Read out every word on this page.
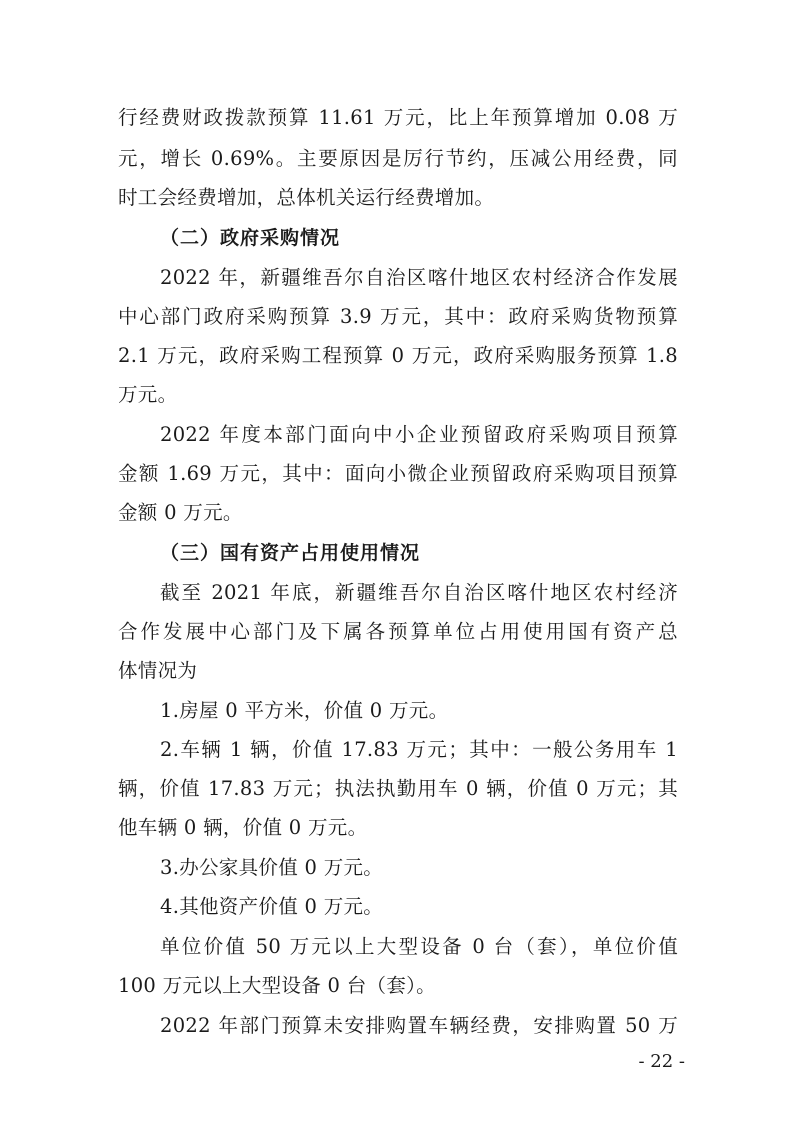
行经费财政拨款预算 11.61 万元，比上年预算增加 0.08 万
元，增长 0.69%。主要原因是厉行节约，压减公用经费，同
时工会经费增加，总体机关运行经费增加。
（二）政府采购情况
2022 年，新疆维吾尔自治区喀什地区农村经济合作发展
中心部门政府采购预算 3.9 万元，其中：政府采购货物预算
2.1 万元，政府采购工程预算 0 万元，政府采购服务预算 1.8
万元。
2022 年度本部门面向中小企业预留政府采购项目预算
金额 1.69 万元，其中：面向小微企业预留政府采购项目预算
金额 0 万元。
（三）国有资产占用使用情况
截至 2021 年底，新疆维吾尔自治区喀什地区农村经济
合作发展中心部门及下属各预算单位占用使用国有资产总
体情况为
1.房屋 0 平方米，价值 0 万元。
2.车辆 1 辆，价值 17.83 万元；其中：一般公务用车 1
辆，价值 17.83 万元；执法执勤用车 0 辆，价值 0 万元；其
他车辆 0 辆，价值 0 万元。
3.办公家具价值 0 万元。
4.其他资产价值 0 万元。
单位价值 50 万元以上大型设备 0 台（套），单位价值
100 万元以上大型设备 0 台（套）。
2022 年部门预算未安排购置车辆经费，安排购置 50 万
- 22 -
